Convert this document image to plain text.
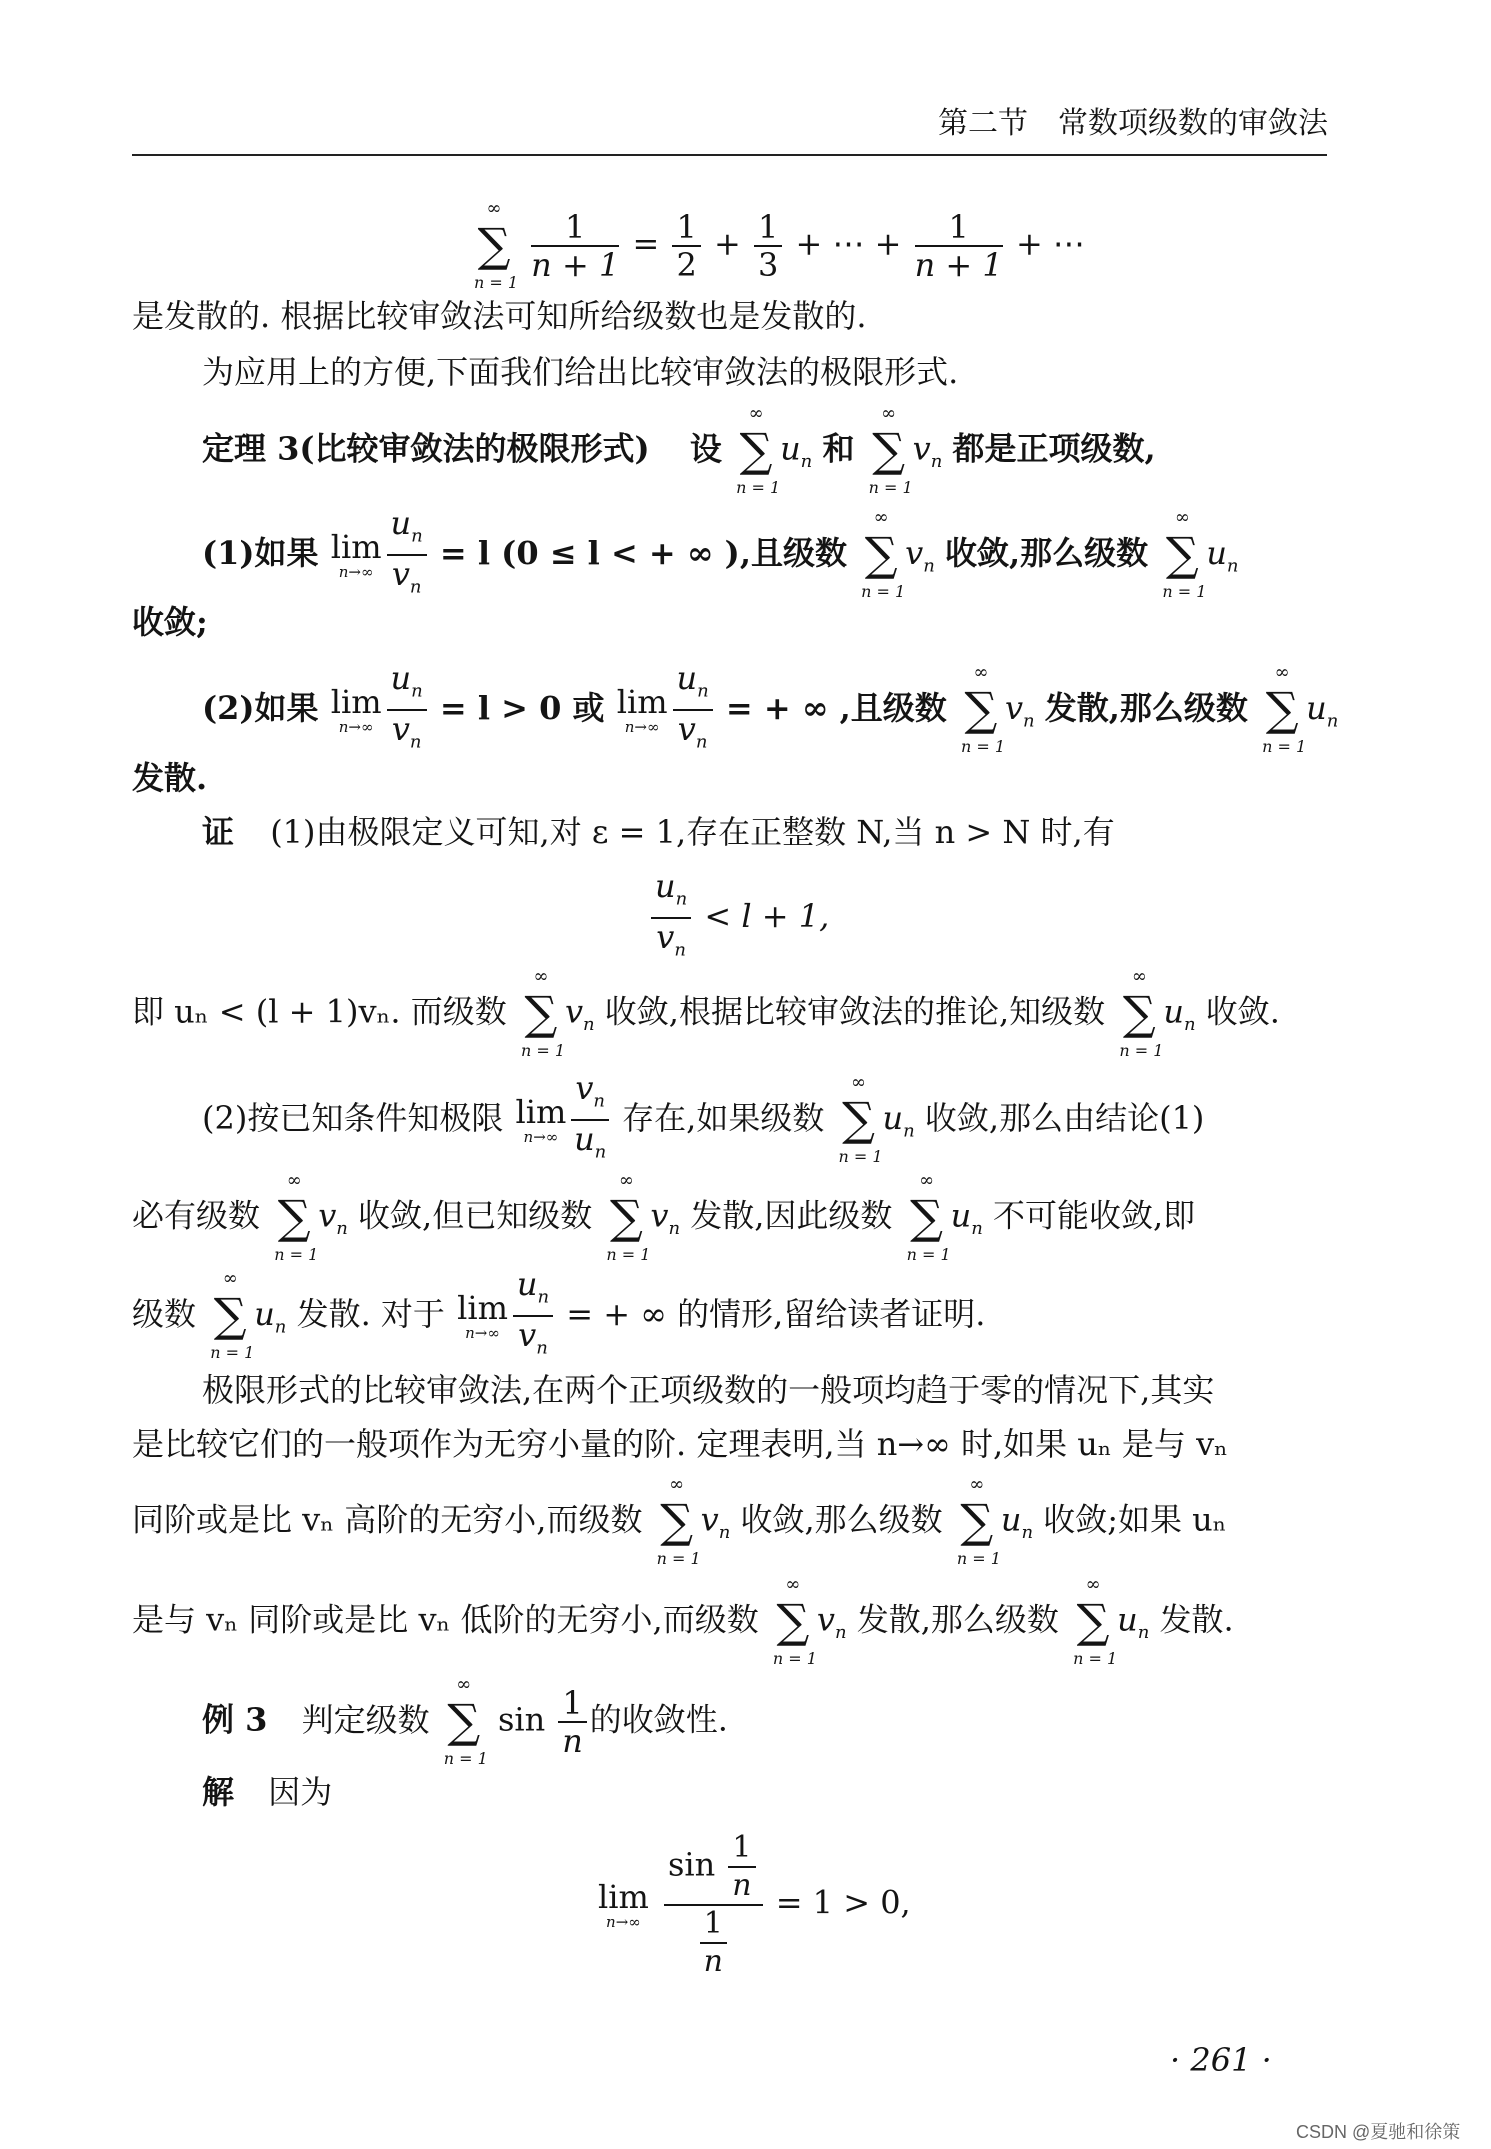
第二节 常数项级数的审敛法
∞
∑
n = 1
$\frac{1}{n + 1} = \frac{1}{2} + \frac{1}{3}$ + ⋯ + $\frac{1}{n + 1}$ + ⋯
是发散的. 根据比较审敛法可知所给级数也是发散的.
为应用上的方便,下面我们给出比较审敛法的极限形式.
定理 3(比较审敛法的极限形式) 设
∞
∑
n = 1
$u_n$ 和
∞
∑
n = 1
$v_n$ 都是正项级数,
(1)如果 lim
$n\to\infty \frac{u_n}{v_n} = l$ (0 ≤ l < + ∞ ),且级数
∞
∑
n = 1
$v_n$ 收敛,那么级数
∞
∑
n = 1
$u_n$
收敛;
(2)如果 lim
$n\to\infty \frac{u_n}{v_n} = l > 0$ 或 lim
$n\to\infty \frac{u_n}{v_n}$ = + ∞ ,且级数
∞
∑
n = 1
$v_n$ 发散,那么级数
∞
∑
n = 1
$u_n$
发散.
证 (1)由极限定义可知,对 ε = 1,存在正整数 N,当 n > N 时,有
$\frac{u_n}{v_n} < l + 1$,
即 uₙ < (l + 1)vₙ. 而级数
∞
∑
n = 1
$v_n$ 收敛,根据比较审敛法的推论,知级数
∞
∑
n = 1
$u_n$ 收敛.
(2)按已知条件知极限 lim
$n\to\infty \frac{v_n}{u_n}$ 存在,如果级数
∞
∑
n = 1
$u_n$ 收敛,那么由结论(1)
必有级数
∞
∑
n = 1
$v_n$ 收敛,但已知级数
∞
∑
n = 1
$v_n$ 发散,因此级数
∞
∑
n = 1
$u_n$ 不可能收敛,即
级数
∞
∑
n = 1
$u_n$ 发散. 对于 lim
$n\to\infty \frac{u_n}{v_n}$ = + ∞ 的情形,留给读者证明.
极限形式的比较审敛法,在两个正项级数的一般项均趋于零的情况下,其实
是比较它们的一般项作为无穷小量的阶. 定理表明,当 n→∞ 时,如果 uₙ 是与 vₙ
同阶或是比 vₙ 高阶的无穷小,而级数
∞
∑
n = 1
$v_n$ 收敛,那么级数
∞
∑
n = 1
$u_n$ 收敛;如果 uₙ
是与 vₙ 同阶或是比 vₙ 低阶的无穷小,而级数
∞
∑
n = 1
$v_n$ 发散,那么级数
∞
∑
n = 1
$u_n$ 发散.
例 3 判定级数
∞
∑
n = 1
$\sin \frac{1}{n}$ 的收敛性.
解 因为
lim
n→∞
$\frac{\sin \frac{1}{n}}{\frac{1}{n}} = 1 > 0$,
· 261 ·
CSDN @夏驰和徐策
